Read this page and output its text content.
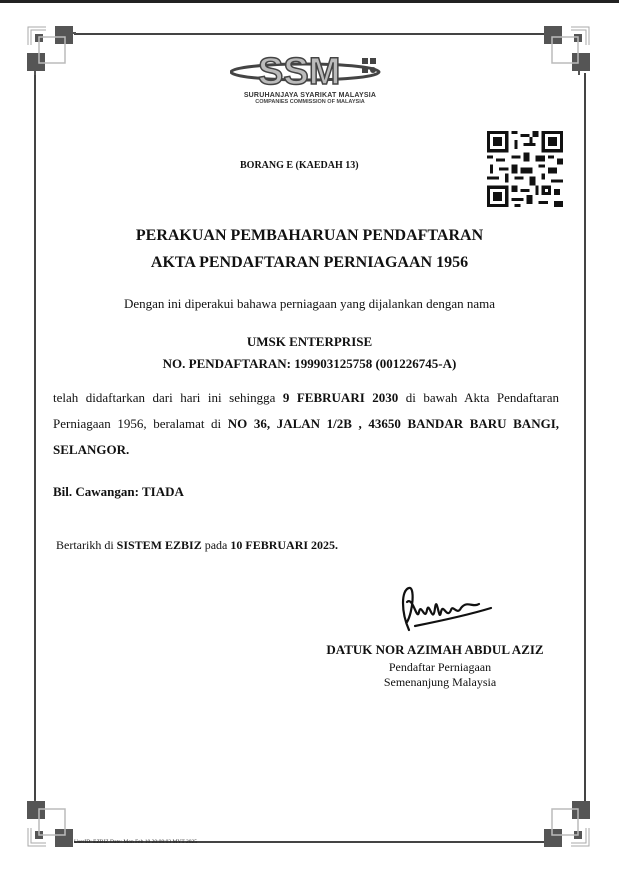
SSM
SURUHANJAYA SYARIKAT MALAYSIA
COMPANIES COMMISSION OF MALAYSIA
BORANG E (KAEDAH 13)
PERAKUAN PEMBAHARUAN PENDAFTARAN
AKTA PENDAFTARAN PERNIAGAAN 1956
Dengan ini diperakui bahawa perniagaan yang dijalankan dengan nama
UMSK ENTERPRISE
NO. PENDAFTARAN: 199903125758 (001226745-A)
telah didaftarkan dari hari ini sehingga 9 FEBRUARI 2030 di bawah Akta Pendaftaran Perniagaan 1956, beralamat di NO 36, JALAN 1/2B , 43650 BANDAR BARU BANGI, SELANGOR.
Bil. Cawangan: TIADA
Bertarikh di SISTEM EZBIZ pada 10 FEBRUARI 2025.
DATUK NOR AZIMAH ABDUL AZIZ
Pendaftar Perniagaan
Semenanjung Malaysia
UserID: EZBIZ Date: Mon Feb 10 20:08:03 MYT 2025
